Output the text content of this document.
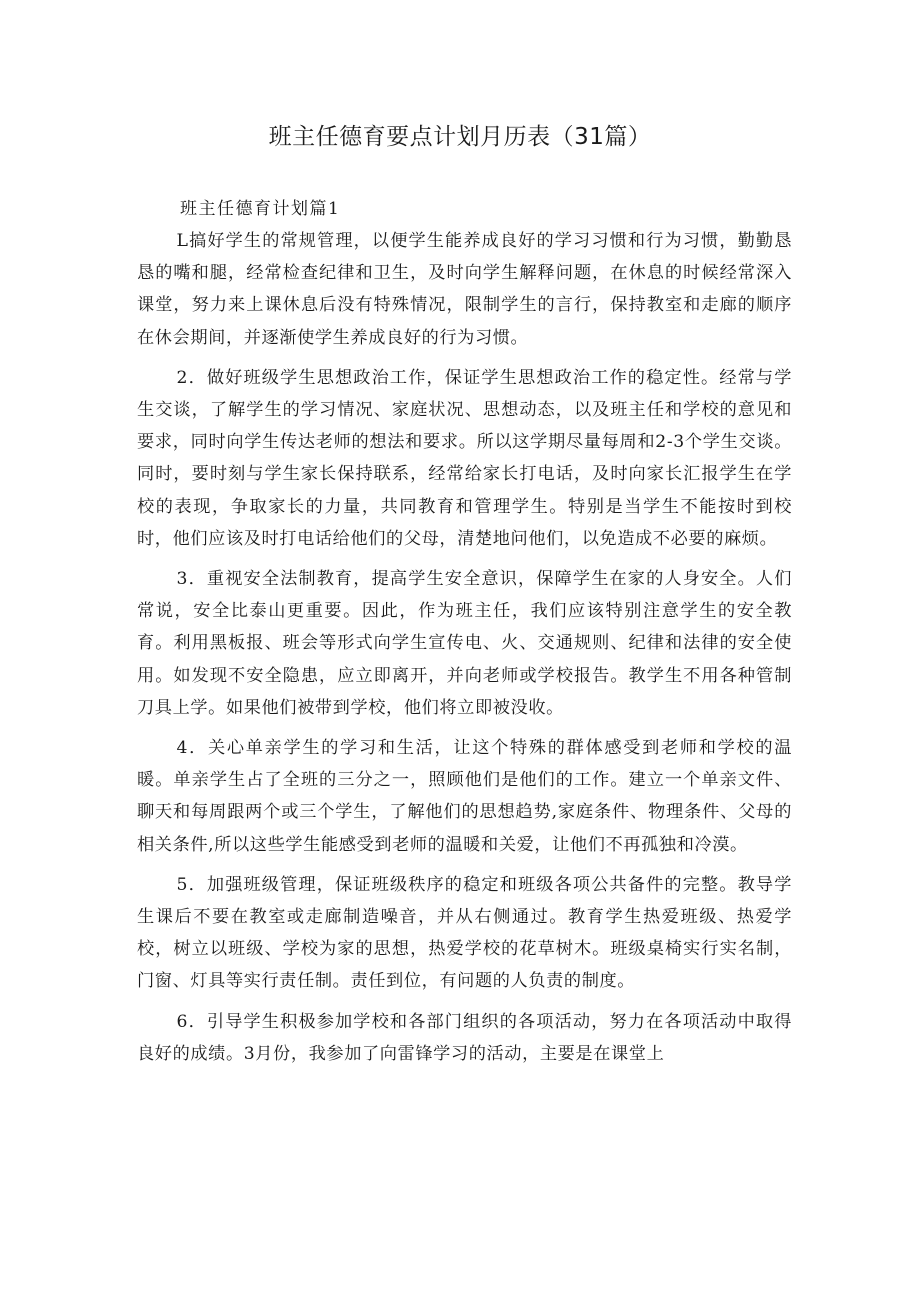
班主任德育要点计划月历表（31篇）
班主任德育计划篇1

L搞好学生的常规管理，以便学生能养成良好的学习习惯和行为习惯，勤勤恳恳的嘴和腿，经常检查纪律和卫生，及时向学生解释问题，在休息的时候经常深入课堂，努力来上课休息后没有特殊情况，限制学生的言行，保持教室和走廊的顺序在休会期间，并逐渐使学生养成良好的行为习惯。

2．做好班级学生思想政治工作，保证学生思想政治工作的稳定性。经常与学生交谈，了解学生的学习情况、家庭状况、思想动态，以及班主任和学校的意见和要求，同时向学生传达老师的想法和要求。所以这学期尽量每周和2-3个学生交谈。同时，要时刻与学生家长保持联系，经常给家长打电话，及时向家长汇报学生在学校的表现，争取家长的力量，共同教育和管理学生。特别是当学生不能按时到校时，他们应该及时打电话给他们的父母，清楚地问他们，以免造成不必要的麻烦。

3．重视安全法制教育，提高学生安全意识，保障学生在家的人身安全。人们常说，安全比泰山更重要。因此，作为班主任，我们应该特别注意学生的安全教育。利用黑板报、班会等形式向学生宣传电、火、交通规则、纪律和法律的安全使用。如发现不安全隐患，应立即离开，并向老师或学校报告。教学生不用各种管制刀具上学。如果他们被带到学校，他们将立即被没收。

4．关心单亲学生的学习和生活，让这个特殊的群体感受到老师和学校的温暖。单亲学生占了全班的三分之一，照顾他们是他们的工作。建立一个单亲文件、聊天和每周跟两个或三个学生，了解他们的思想趋势,家庭条件、物理条件、父母的相关条件,所以这些学生能感受到老师的温暖和关爱，让他们不再孤独和冷漠。

5．加强班级管理，保证班级秩序的稳定和班级各项公共备件的完整。教导学生课后不要在教室或走廊制造噪音，并从右侧通过。教育学生热爱班级、热爱学校，树立以班级、学校为家的思想，热爱学校的花草树木。班级桌椅实行实名制，门窗、灯具等实行责任制。责任到位，有问题的人负责的制度。

6．引导学生积极参加学校和各部门组织的各项活动，努力在各项活动中取得良好的成绩。3月份，我参加了向雷锋学习的活动，主要是在课堂上
